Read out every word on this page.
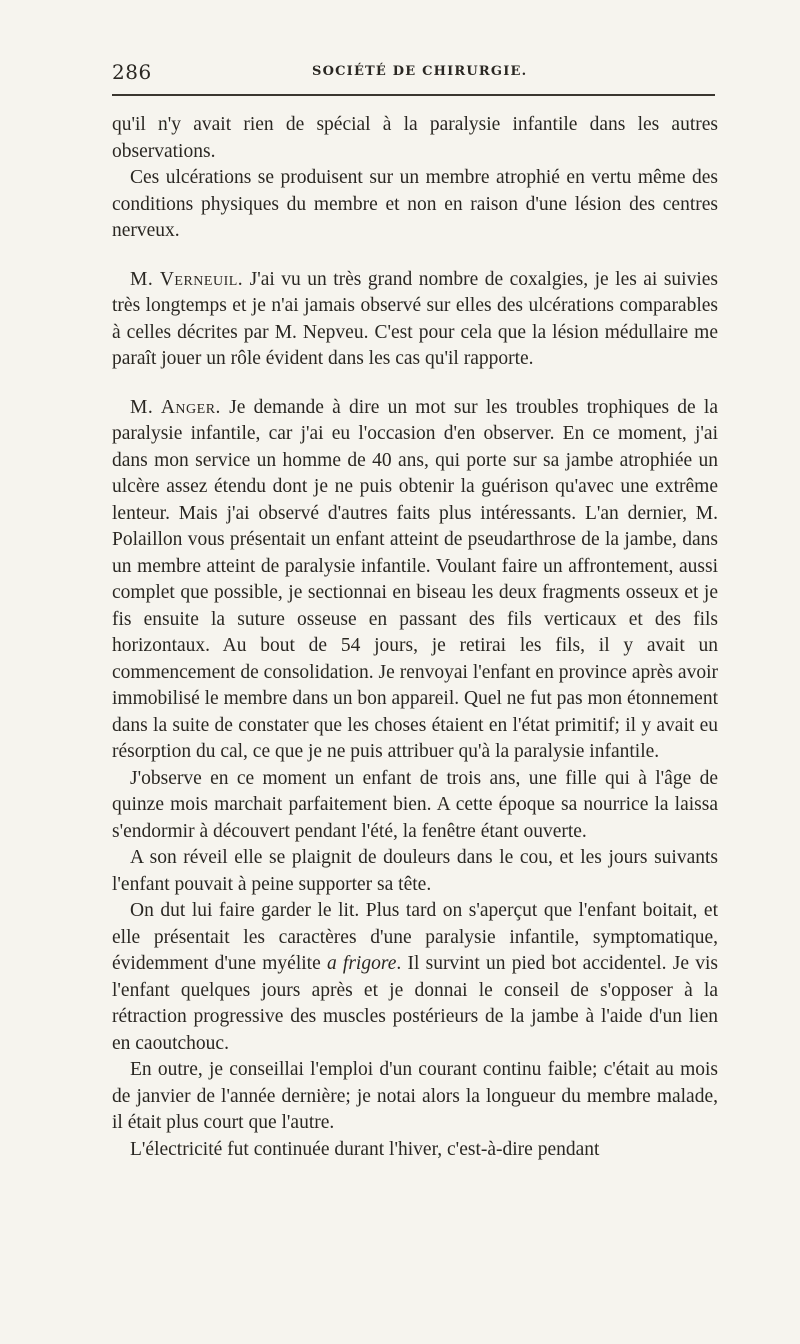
286	SOCIÉTÉ DE CHIRURGIE.

qu'il n'y avait rien de spécial à la paralysie infantile dans les autres observations.

Ces ulcérations se produisent sur un membre atrophié en vertu même des conditions physiques du membre et non en raison d'une lésion des centres nerveux.

M. Verneuil. J'ai vu un très grand nombre de coxalgies, je les ai suivies très longtemps et je n'ai jamais observé sur elles des ulcérations comparables à celles décrites par M. Nepveu. C'est pour cela que la lésion médullaire me paraît jouer un rôle évident dans les cas qu'il rapporte.

M. Anger. Je demande à dire un mot sur les troubles trophiques de la paralysie infantile, car j'ai eu l'occasion d'en observer. En ce moment, j'ai dans mon service un homme de 40 ans, qui porte sur sa jambe atrophiée un ulcère assez étendu dont je ne puis obtenir la guérison qu'avec une extrême lenteur. Mais j'ai observé d'autres faits plus intéressants. L'an dernier, M. Polaillon vous présentait un enfant atteint de pseudarthrose de la jambe, dans un membre atteint de paralysie infantile. Voulant faire un affrontement, aussi complet que possible, je sectionnai en biseau les deux fragments osseux et je fis ensuite la suture osseuse en passant des fils verticaux et des fils horizontaux. Au bout de 54 jours, je retirai les fils, il y avait un commencement de consolidation. Je renvoyai l'enfant en province après avoir immobilisé le membre dans un bon appareil. Quel ne fut pas mon étonnement dans la suite de constater que les choses étaient en l'état primitif; il y avait eu résorption du cal, ce que je ne puis attribuer qu'à la paralysie infantile.

J'observe en ce moment un enfant de trois ans, une fille qui à l'âge de quinze mois marchait parfaitement bien. A cette époque sa nourrice la laissa s'endormir à découvert pendant l'été, la fenêtre étant ouverte.

A son réveil elle se plaignit de douleurs dans le cou, et les jours suivants l'enfant pouvait à peine supporter sa tête.

On dut lui faire garder le lit. Plus tard on s'aperçut que l'enfant boitait, et elle présentait les caractères d'une paralysie infantile, symptomatique, évidemment d'une myélite a frigore. Il survint un pied bot accidentel. Je vis l'enfant quelques jours après et je donnai le conseil de s'opposer à la rétraction progressive des muscles postérieurs de la jambe à l'aide d'un lien en caoutchouc.

En outre, je conseillai l'emploi d'un courant continu faible; c'était au mois de janvier de l'année dernière; je notai alors la longueur du membre malade, il était plus court que l'autre.

L'électricité fut continuée durant l'hiver, c'est-à-dire pendant
